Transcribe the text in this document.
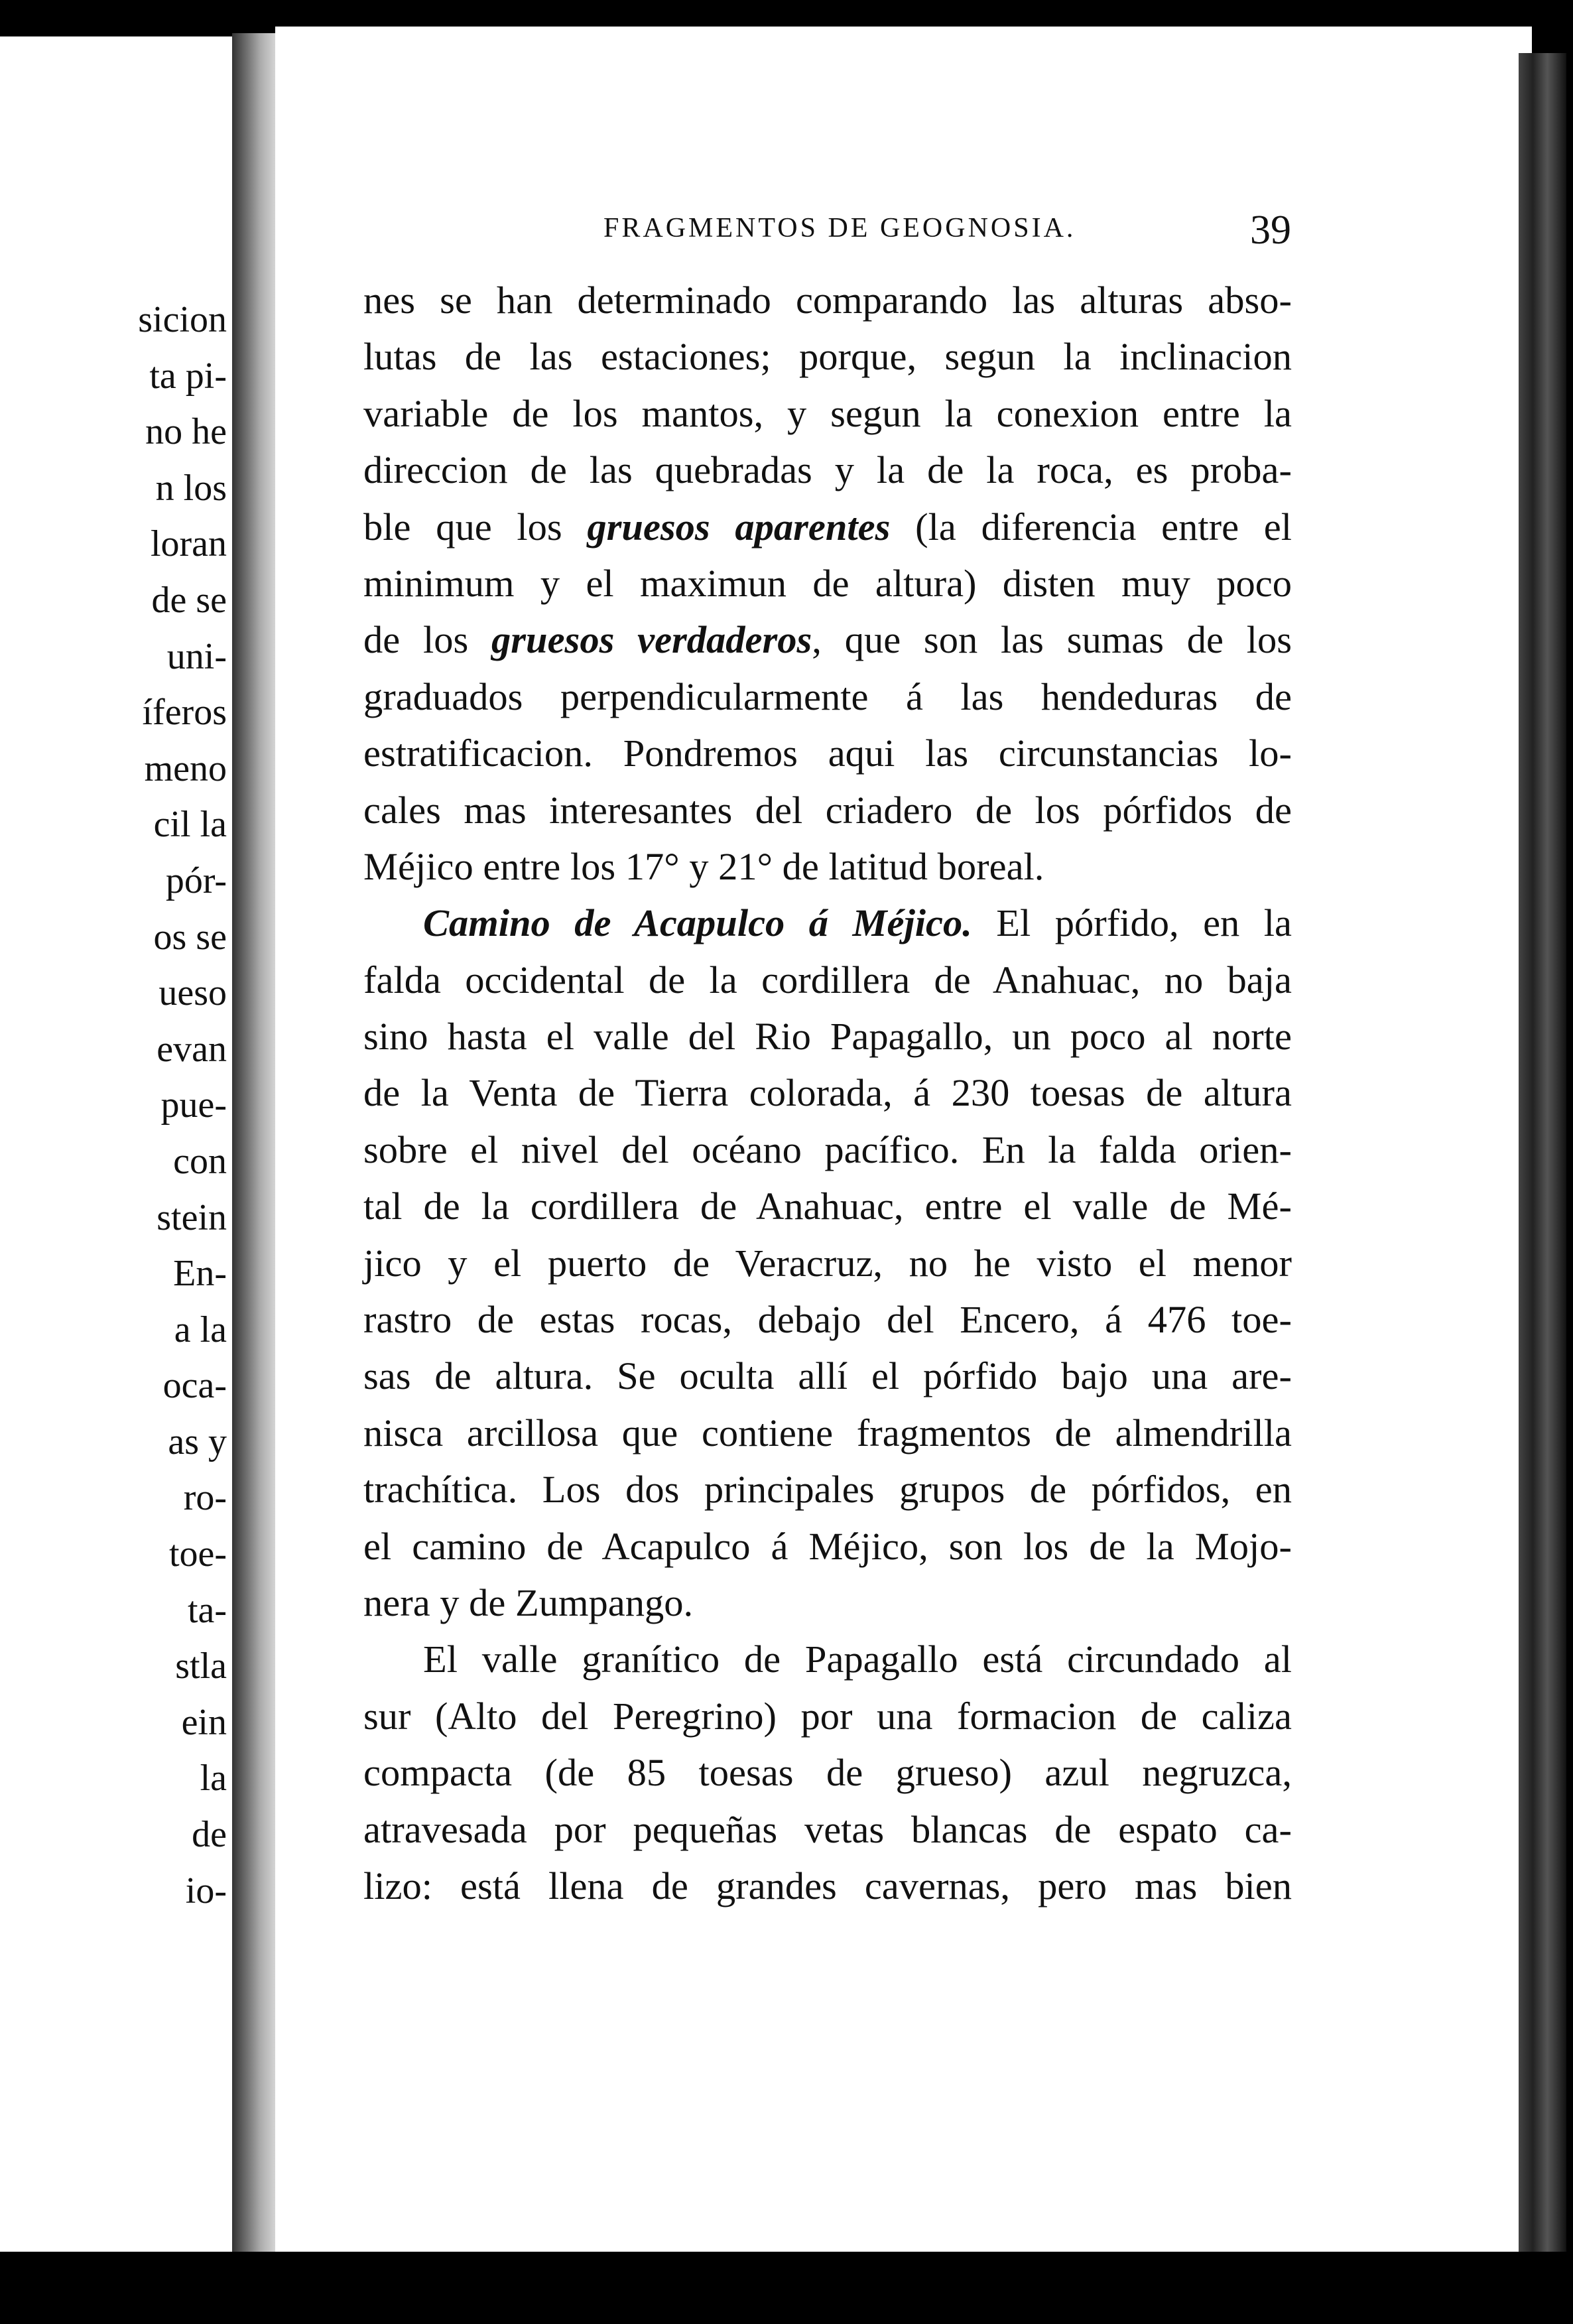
sicion
ta pi-
no he
n los
loran
de se
uni-
íferos
meno
cil la
pór-
os se
ueso
evan
pue-
con
stein
En-
a la
oca-
as y
ro-
toe-
ta-
stla
ein
la
de
io-
FRAGMENTOS DE GEOGNOSIA.	39

nes se han determinado comparando las alturas abso-
lutas de las estaciones; porque, segun la inclinacion
variable de los mantos, y segun la conexion entre la
direccion de las quebradas y la de la roca, es proba-
ble que los gruesos aparentes (la diferencia entre el
minimum y el maximun de altura) disten muy poco
de los gruesos verdaderos, que son las sumas de los
graduados perpendicularmente á las hendeduras de
estratificacion. Pondremos aqui las circunstancias lo-
cales mas interesantes del criadero de los pórfidos de
Méjico entre los 17° y 21° de latitud boreal.

Camino de Acapulco á Méjico. El pórfido, en la
falda occidental de la cordillera de Anahuac, no baja
sino hasta el valle del Rio Papagallo, un poco al norte
de la Venta de Tierra colorada, á 230 toesas de altura
sobre el nivel del océano pacífico. En la falda orien-
tal de la cordillera de Anahuac, entre el valle de Mé-
jico y el puerto de Veracruz, no he visto el menor
rastro de estas rocas, debajo del Encero, á 476 toe-
sas de altura. Se oculta allí el pórfido bajo una are-
nisca arcillosa que contiene fragmentos de almendrilla
trachítica. Los dos principales grupos de pórfidos, en
el camino de Acapulco á Méjico, son los de la Mojo-
nera y de Zumpango.

El valle granítico de Papagallo está circundado al
sur (Alto del Peregrino) por una formacion de caliza
compacta (de 85 toesas de grueso) azul negruzca,
atravesada por pequeñas vetas blancas de espato ca-
lizo: está llena de grandes cavernas, pero mas bien
